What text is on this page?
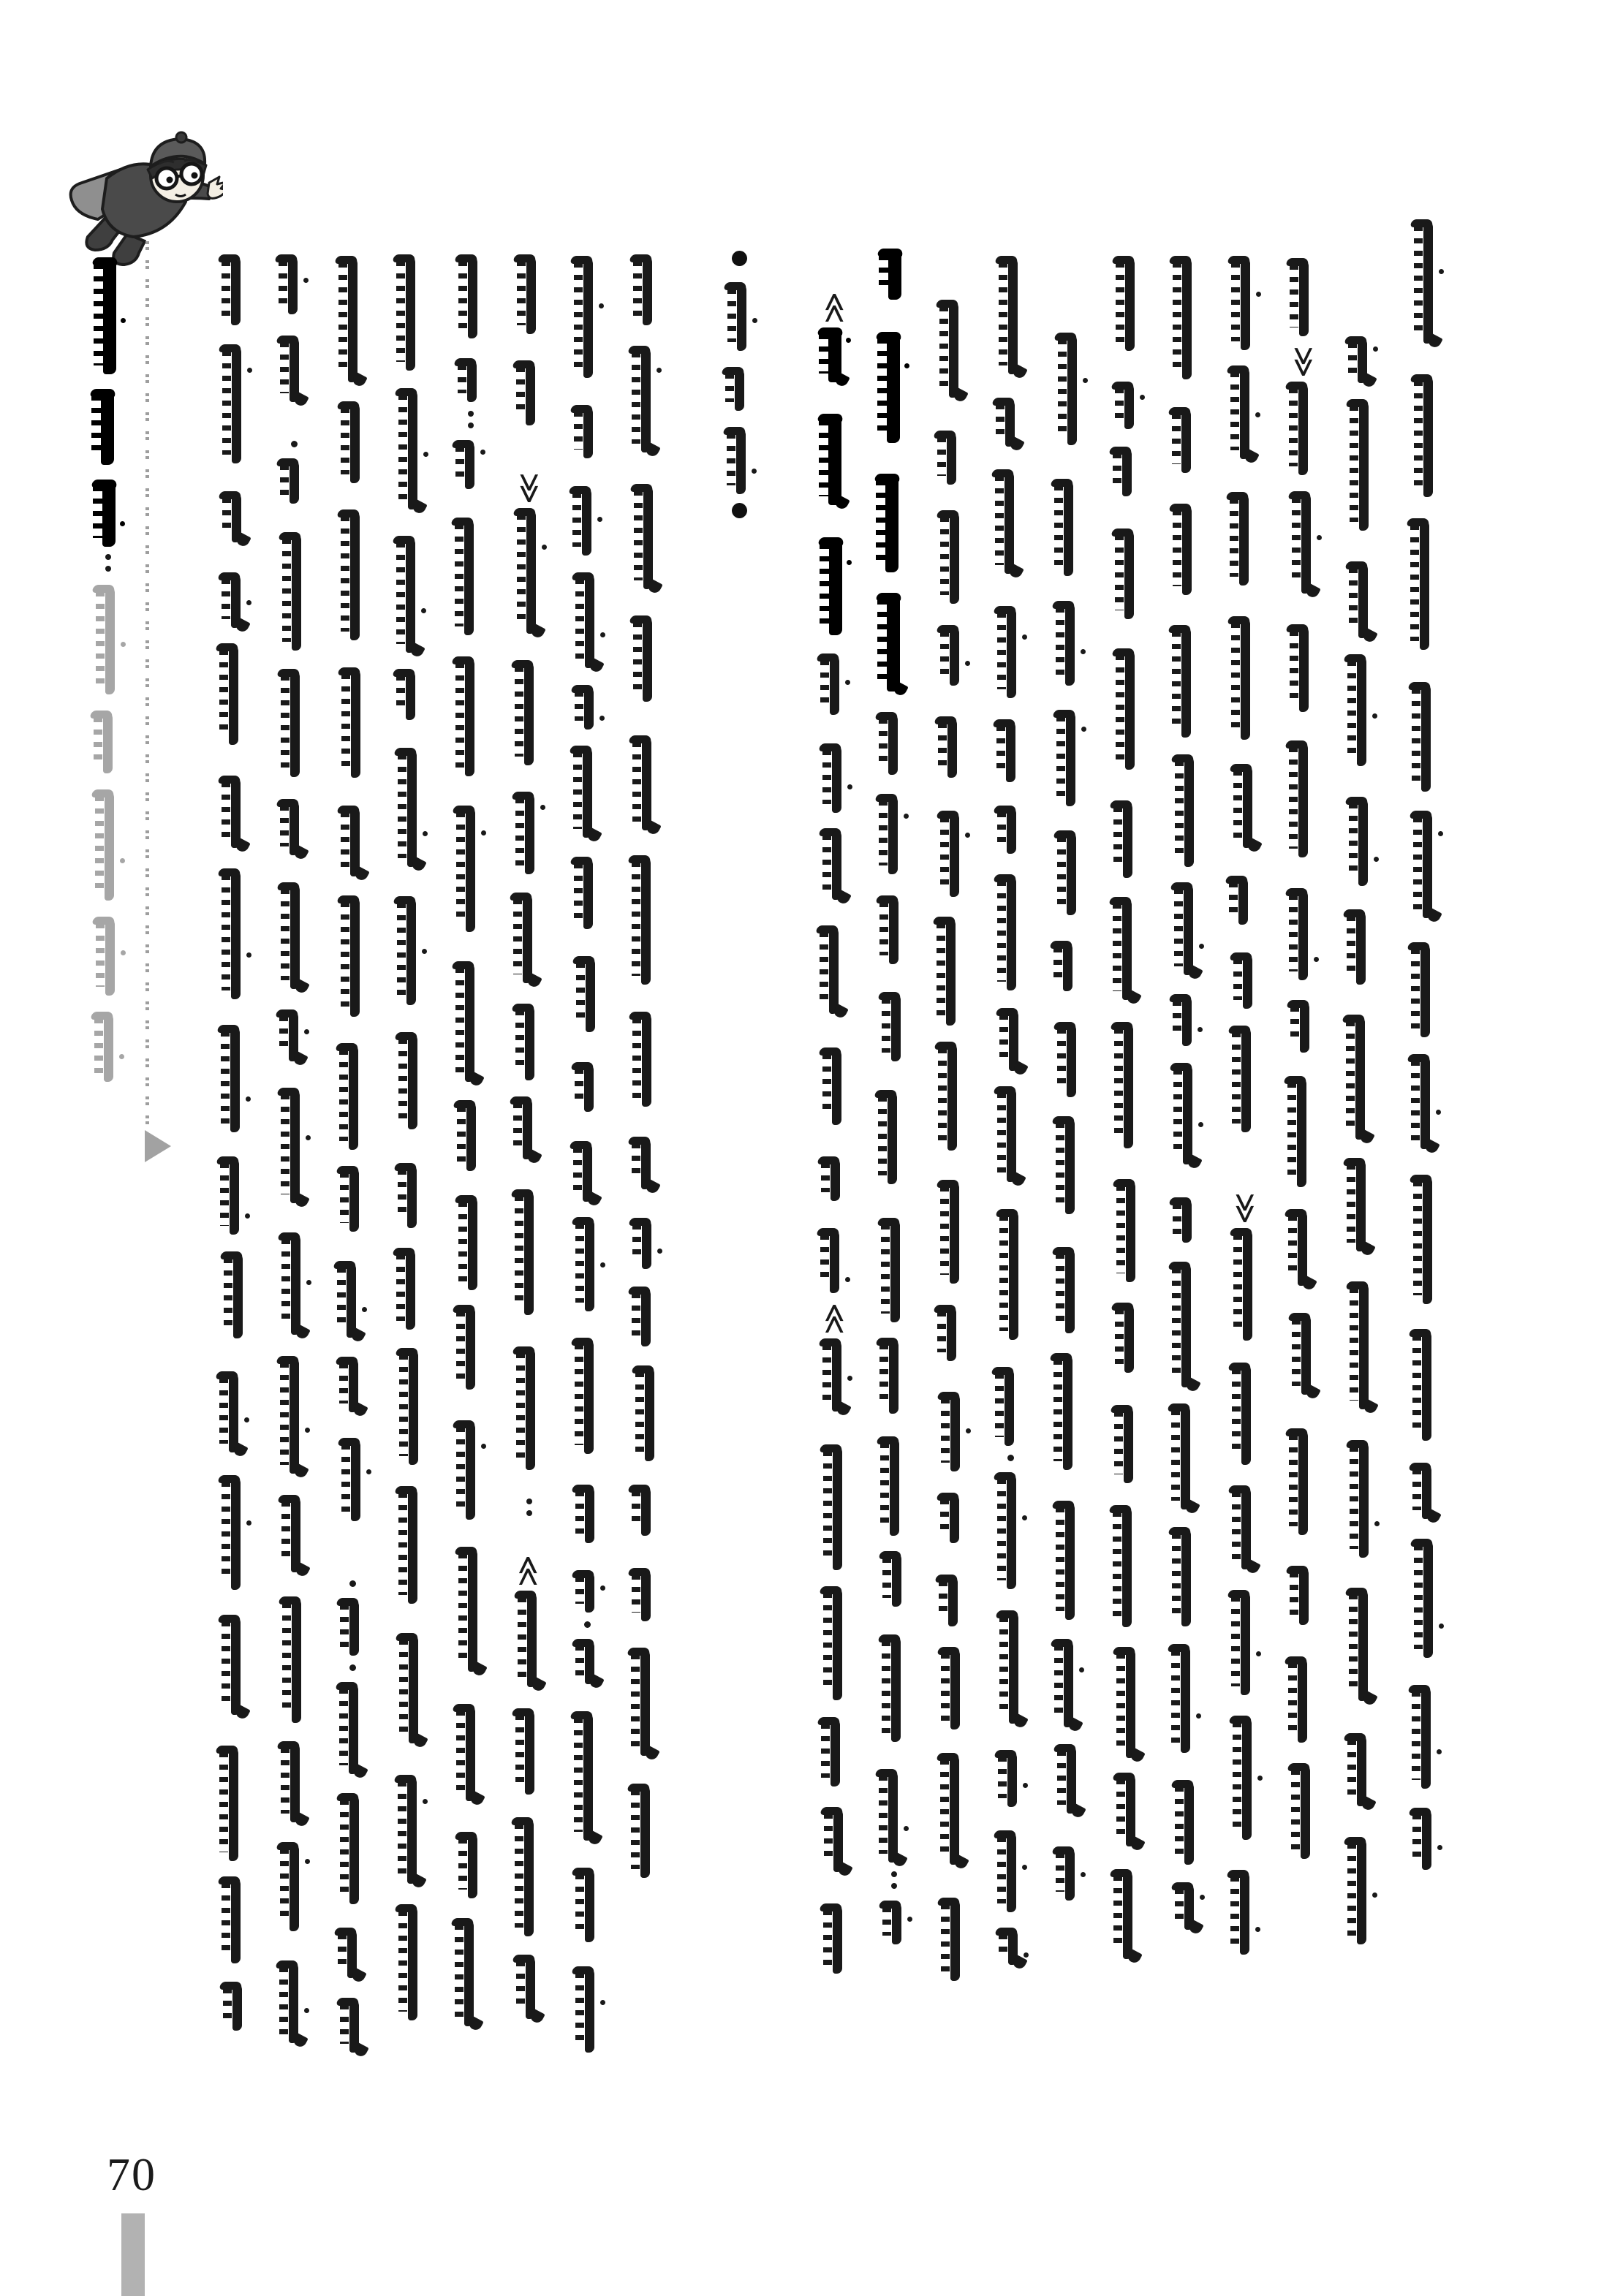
≪
≪
≪
≪
≪
≪
70
